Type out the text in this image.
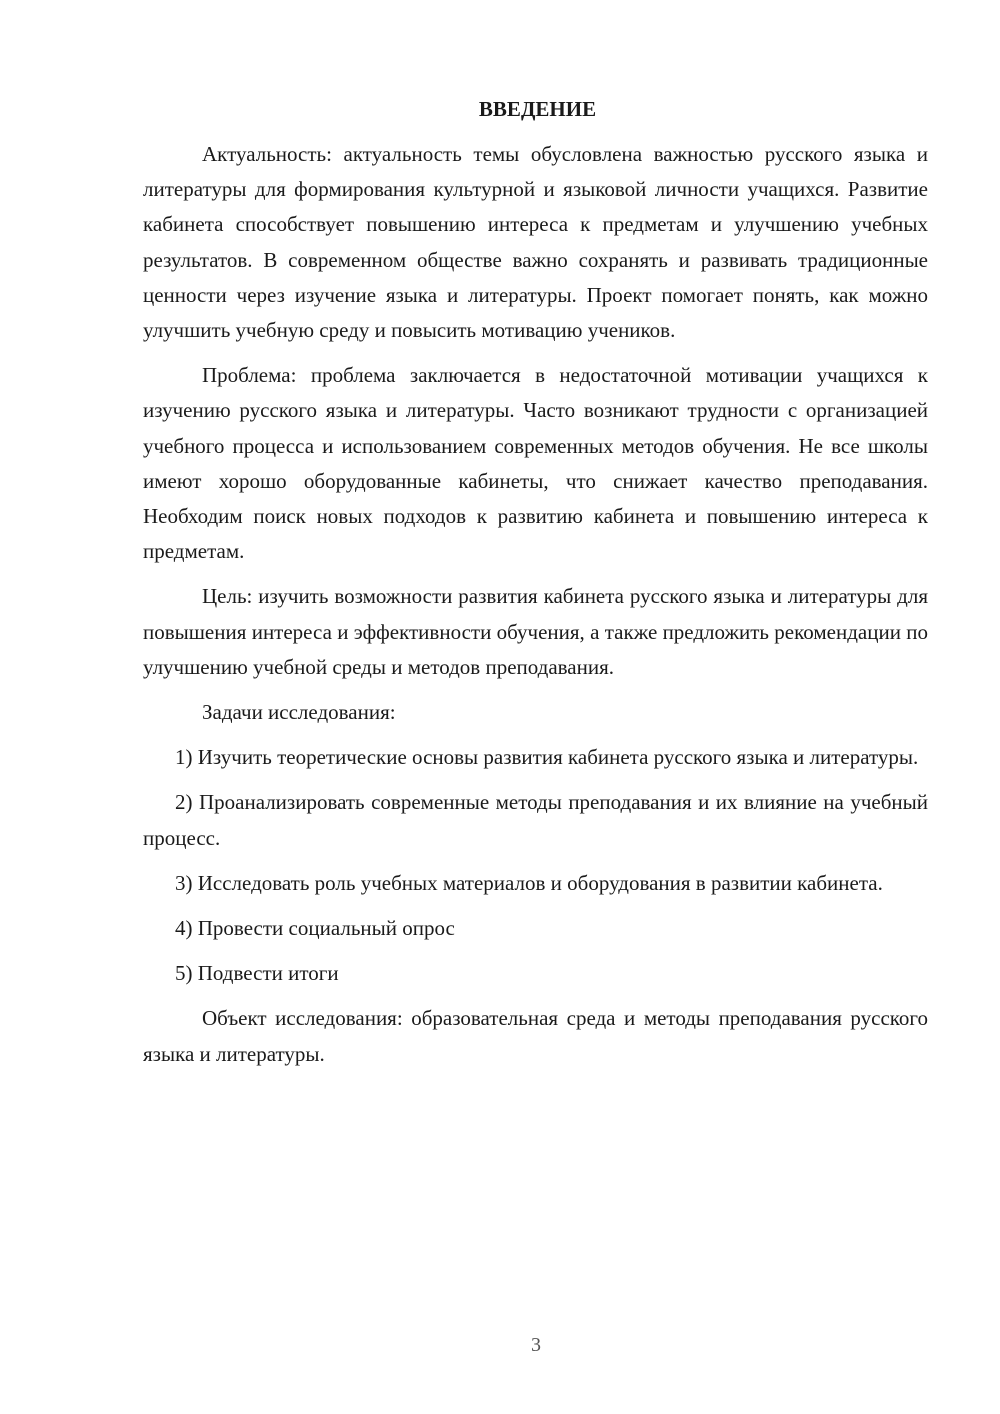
ВВЕДЕНИЕ

Актуальность: актуальность темы обусловлена важностью русского языка и литературы для формирования культурной и языковой личности учащихся. Развитие кабинета способствует повышению интереса к предметам и улучшению учебных результатов. В современном обществе важно сохранять и развивать традиционные ценности через изучение языка и литературы. Проект помогает понять, как можно улучшить учебную среду и повысить мотивацию учеников.

Проблема: проблема заключается в недостаточной мотивации учащихся к изучению русского языка и литературы. Часто возникают трудности с организацией учебного процесса и использованием современных методов обучения. Не все школы имеют хорошо оборудованные кабинеты, что снижает качество преподавания. Необходим поиск новых подходов к развитию кабинета и повышению интереса к предметам.

Цель: изучить возможности развития кабинета русского языка и литературы для повышения интереса и эффективности обучения, а также предложить рекомендации по улучшению учебной среды и методов преподавания.

Задачи исследования:

1) Изучить теоретические основы развития кабинета русского языка и литературы.

2) Проанализировать современные методы преподавания и их влияние на учебный процесс.

3) Исследовать роль учебных материалов и оборудования в развитии кабинета.

4) Провести социальный опрос

5) Подвести итоги

Объект исследования: образовательная среда и методы преподавания русского языка и литературы.

3
